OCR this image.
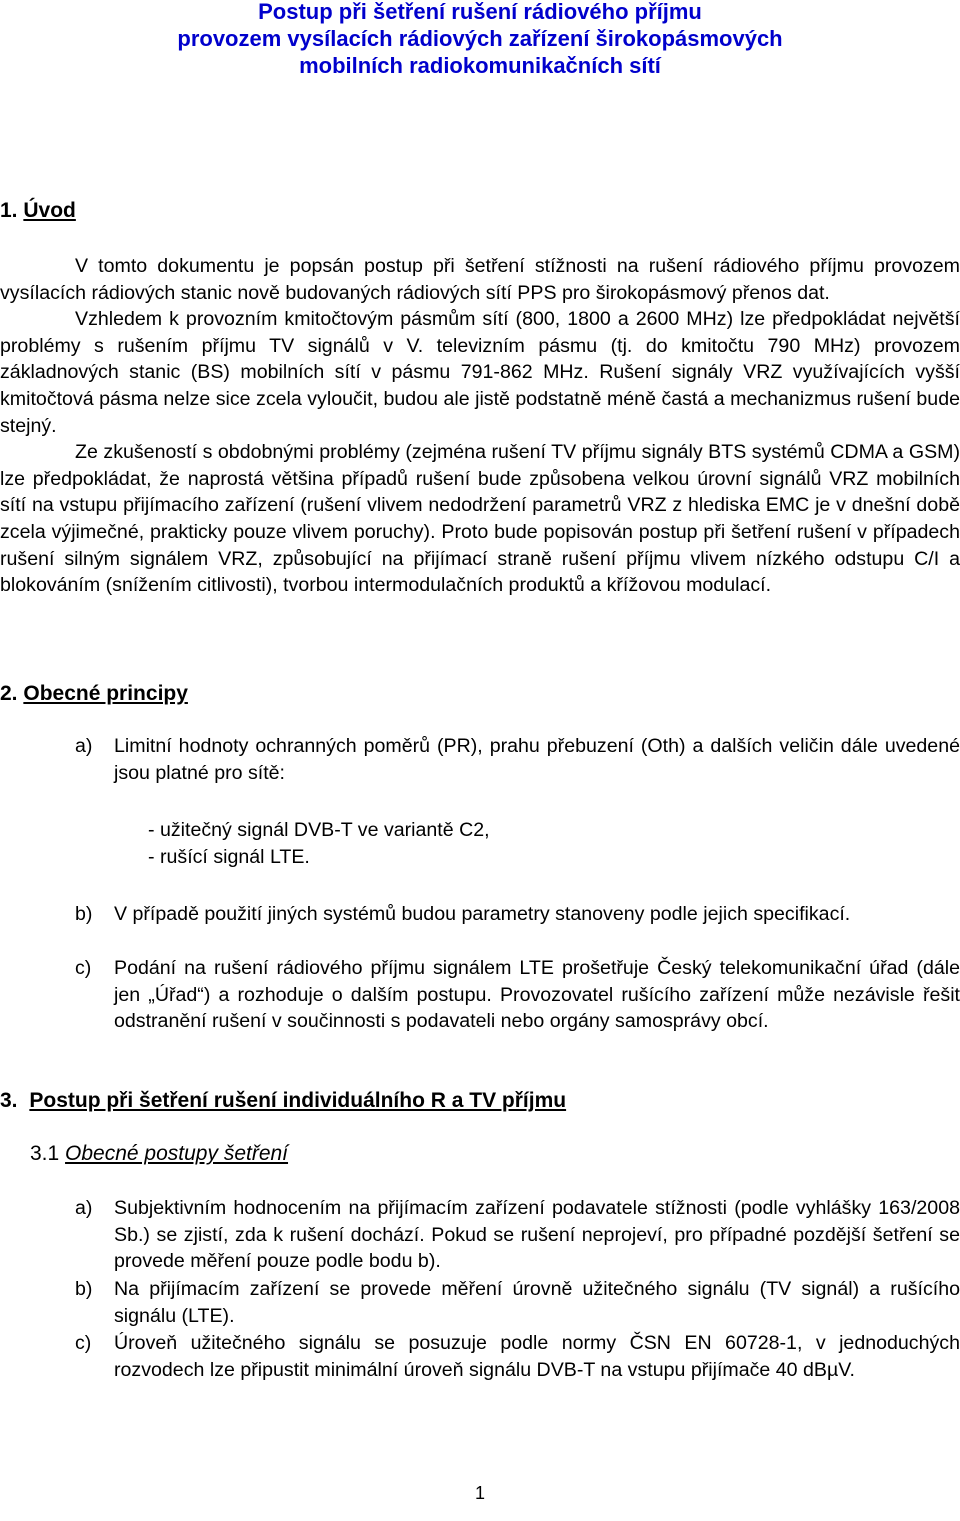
Postup při šetření rušení rádiového příjmu
provozem vysílacích rádiových zařízení širokopásmových
mobilních radiokomunikačních sítí
1. Úvod

V tomto dokumentu je popsán postup při šetření stížnosti na rušení rádiového příjmu provozem vysílacích rádiových stanic nově budovaných rádiových sítí PPS pro širokopásmový přenos dat.

Vzhledem k provozním kmitočtovým pásmům sítí (800, 1800 a 2600 MHz) lze předpokládat největší problémy s rušením příjmu TV signálů v V. televizním pásmu (tj. do kmitočtu 790 MHz) provozem základnových stanic (BS) mobilních sítí v pásmu 791-862 MHz. Rušení signály VRZ využívajících vyšší kmitočtová pásma nelze sice zcela vyloučit, budou ale jistě podstatně méně častá a mechanizmus rušení bude stejný.

Ze zkušeností s obdobnými problémy (zejména rušení TV příjmu signály BTS systémů CDMA a GSM) lze předpokládat, že naprostá většina případů rušení bude způsobena velkou úrovní signálů VRZ mobilních sítí na vstupu přijímacího zařízení (rušení vlivem nedodržení parametrů VRZ z hlediska EMC je v dnešní době zcela výjimečné, prakticky pouze vlivem poruchy). Proto bude popisován postup při šetření rušení v případech rušení silným signálem VRZ, způsobující na přijímací straně rušení příjmu vlivem nízkého odstupu C/I a blokováním (snížením citlivosti), tvorbou intermodulačních produktů a křížovou modulací.

2. Obecné principy
a)	Limitní hodnoty ochranných poměrů (PR), prahu přebuzení (Oth) a dalších veličin dále uvedené jsou platné pro sítě:
- užitečný signál DVB-T ve variantě C2,
- rušící signál LTE.
b)	V případě použití jiných systémů budou parametry stanoveny podle jejich specifikací.
c)	Podání na rušení rádiového příjmu signálem LTE prošetřuje Český telekomunikační úřad (dále jen „Úřad“) a rozhoduje o dalším postupu. Provozovatel rušícího zařízení může nezávisle řešit odstranění rušení v součinnosti s podavateli nebo orgány samosprávy obcí.
3. Postup při šetření rušení individuálního R a TV příjmu
3.1 Obecné postupy šetření
a)	Subjektivním hodnocením na přijímacím zařízení podavatele stížnosti (podle vyhlášky 163/2008 Sb.) se zjistí, zda k rušení dochází. Pokud se rušení neprojeví, pro případné pozdější šetření se provede měření pouze podle bodu b).
b)	Na přijímacím zařízení se provede měření úrovně užitečného signálu (TV signál) a rušícího signálu (LTE).
c)	Úroveň užitečného signálu se posuzuje podle normy ČSN EN 60728-1, v jednoduchých rozvodech lze připustit minimální úroveň signálu DVB-T na vstupu přijímače 40 dBµV.
1
